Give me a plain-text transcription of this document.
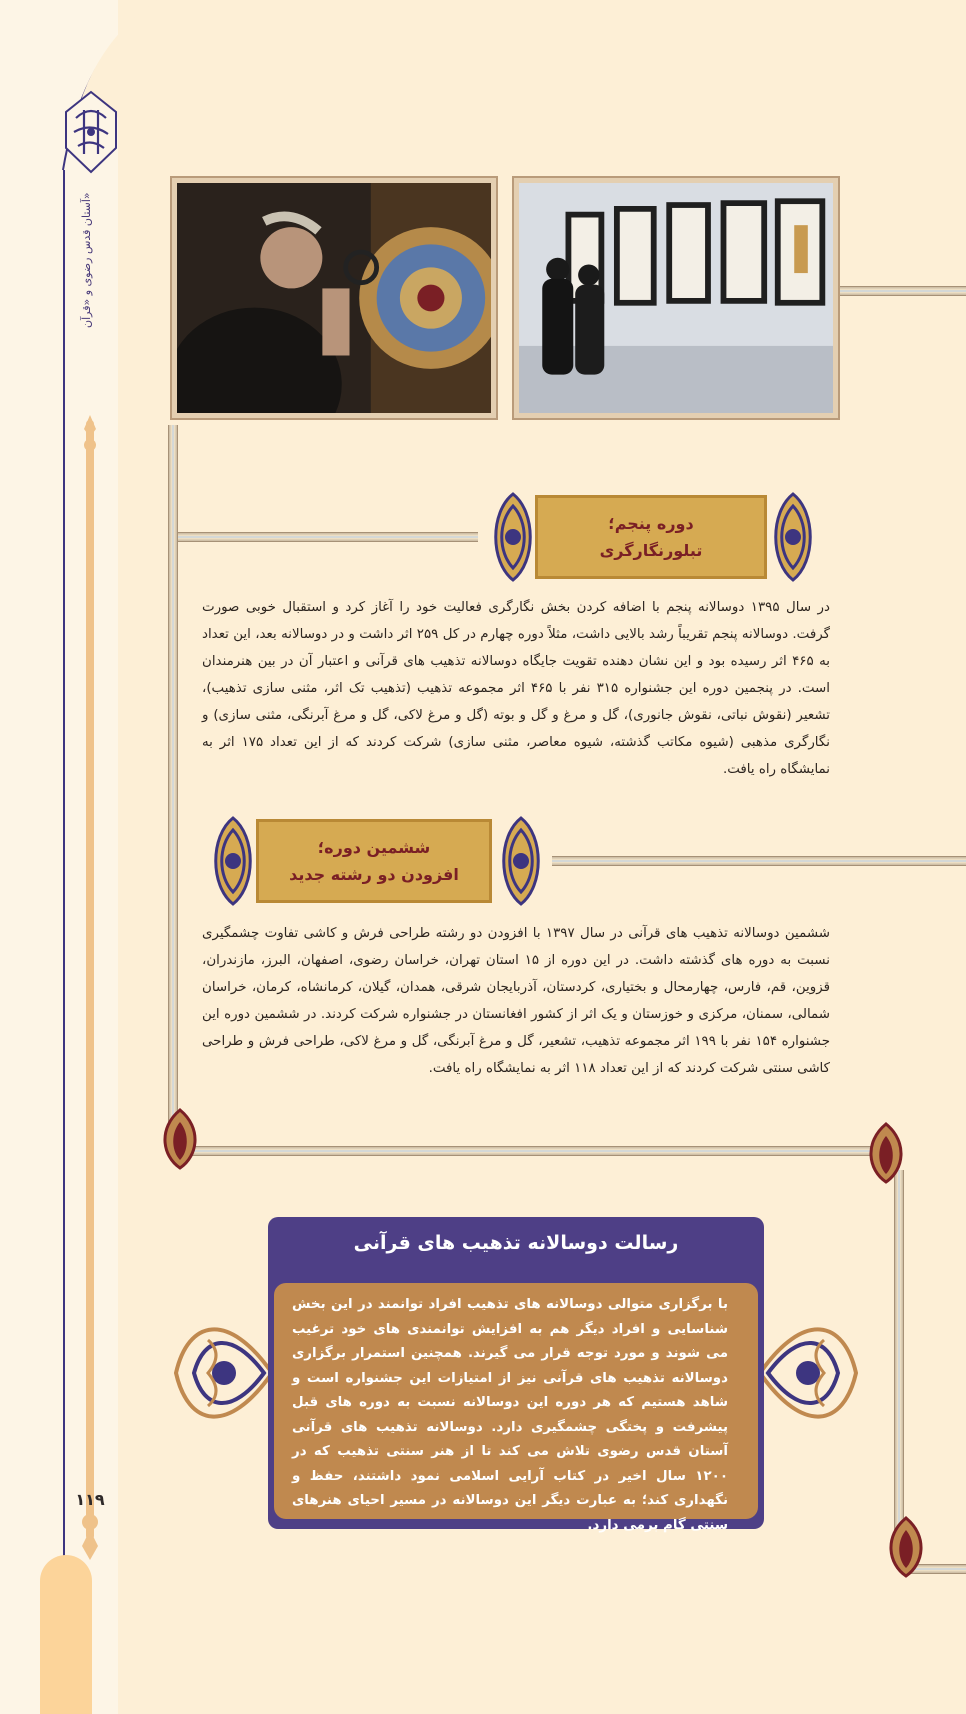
آستان قدس رضوی و «قرآن»
۱۱۹
دوره پنجم؛
تبلورنگارگری
در سال ۱۳۹۵ دوسالانه پنجم با اضافه کردن بخش نگارگری فعالیت خود را آغاز کرد و استقبال خوبی صورت گرفت. دوسالانه پنجم تقریباً رشد بالایی داشت، مثلاً دوره چهارم در کل ۲۵۹ اثر داشت و در دوسالانه بعد، این تعداد به ۴۶۵ اثر رسیده بود و این نشان دهنده تقویت جایگاه دوسالانه تذهیب های قرآنی و اعتبار آن در بین هنرمندان است. در پنجمین دوره این جشنواره ۳۱۵ نفر با ۴۶۵ اثر مجموعه تذهیب (تذهیب تک اثر، مثنی سازی تذهیب)، تشعیر (نقوش نباتی، نقوش جانوری)، گل و مرغ و گل و بوته (گل و مرغ لاکی، گل و مرغ آبرنگی، مثنی سازی) و نگارگری مذهبی (شیوه مکاتب گذشته، شیوه معاصر، مثنی سازی) شرکت کردند که از این تعداد ۱۷۵ اثر به نمایشگاه راه یافت.
ششمین دوره؛
افزودن دو رشته جدید
ششمین دوسالانه تذهیب های قرآنی در سال ۱۳۹۷ با افزودن دو رشته طراحی فرش و کاشی تفاوت چشمگیری نسبت به دوره های گذشته داشت. در این دوره از ۱۵ استان تهران، خراسان رضوی، اصفهان، البرز، مازندران، قزوین، قم، فارس، چهارمحال و بختیاری، کردستان، آذربایجان شرقی، همدان، گیلان، کرمانشاه، کرمان، خراسان شمالی، سمنان، مرکزی و خوزستان و یک اثر از کشور افغانستان در جشنواره شرکت کردند. در ششمین دوره این جشنواره ۱۵۴ نفر با ۱۹۹ اثر مجموعه تذهیب، تشعیر، گل و مرغ آبرنگی، گل و مرغ لاکی، طراحی فرش و طراحی کاشی سنتی شرکت کردند که از این تعداد ۱۱۸ اثر به نمایشگاه راه یافت.
رسالت دوسالانه تذهیب های قرآنی
با برگزاری متوالی دوسالانه های تذهیب افراد توانمند در این بخش شناسایی و افراد دیگر هم به افزایش توانمندی های خود ترغیب می شوند و مورد توجه قرار می گیرند. همچنین استمرار برگزاری دوسالانه تذهیب های قرآنی نیز از امتیازات این جشنواره است و شاهد هستیم که هر دوره این دوسالانه نسبت به دوره های قبل پیشرفت و پختگی چشمگیری دارد. دوسالانه تذهیب های قرآنی آستان قدس رضوی تلاش می کند تا از هنر سنتی تذهیب که در ۱۲۰۰ سال اخیر در کتاب آرایی اسلامی نمود داشتند، حفظ و نگهداری کند؛ به عبارت دیگر این دوسالانه در مسیر احیای هنرهای سنتی گام برمی دارد.
